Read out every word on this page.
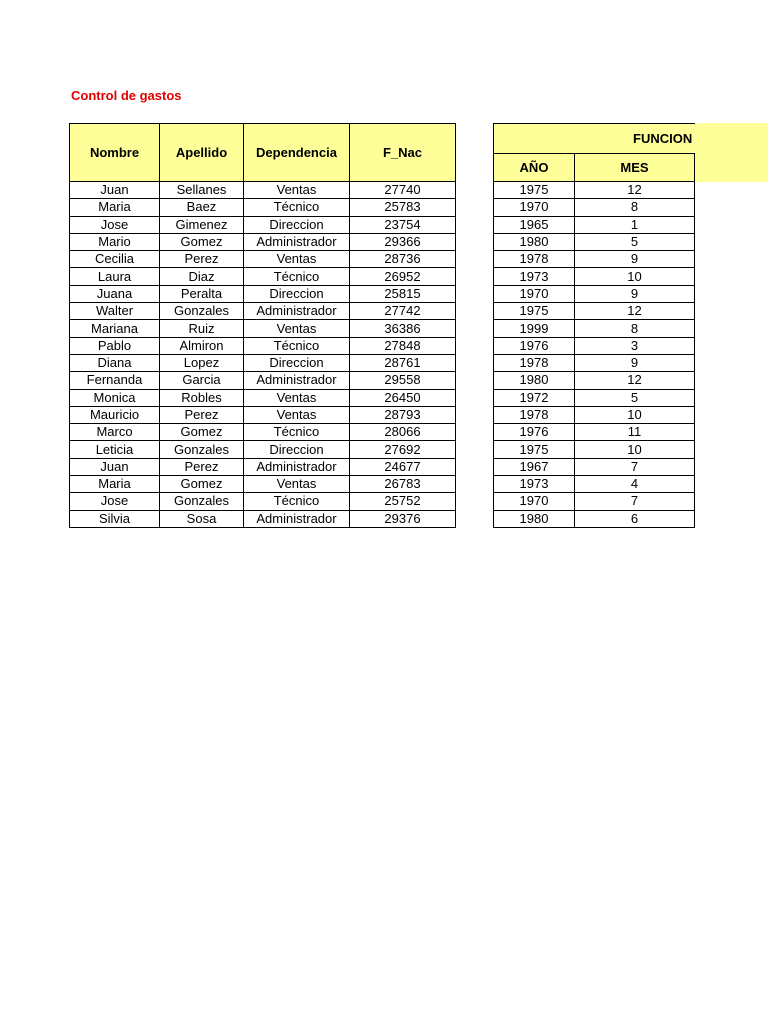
Control de gastos
Nombre	Apellido	Dependencia	F_Nac
Juan	Sellanes	Ventas	27740
Maria	Baez	Técnico	25783
Jose	Gimenez	Direccion	23754
Mario	Gomez	Administrador	29366
Cecilia	Perez	Ventas	28736
Laura	Diaz	Técnico	26952
Juana	Peralta	Direccion	25815
Walter	Gonzales	Administrador	27742
Mariana	Ruiz	Ventas	36386
Pablo	Almiron	Técnico	27848
Diana	Lopez	Direccion	28761
Fernanda	Garcia	Administrador	29558
Monica	Robles	Ventas	26450
Mauricio	Perez	Ventas	28793
Marco	Gomez	Técnico	28066
Leticia	Gonzales	Direccion	27692
Juan	Perez	Administrador	24677
Maria	Gomez	Ventas	26783
Jose	Gonzales	Técnico	25752
Silvia	Sosa	Administrador	29376
FUNCION	
AÑO	MES
1975	12
1970	8
1965	1
1980	5
1978	9
1973	10
1970	9
1975	12
1999	8
1976	3
1978	9
1980	12
1972	5
1978	10
1976	11
1975	10
1967	7
1973	4
1970	7
1980	6
